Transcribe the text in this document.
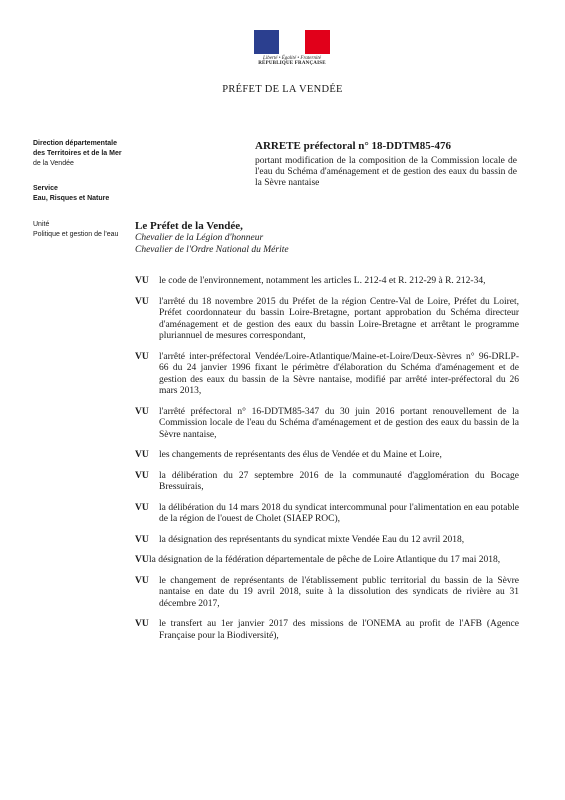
Liberté • Égalité • Fraternité
RÉPUBLIQUE FRANÇAISE
PRÉFET DE LA VENDÉE
Direction départementale
des Territoires et de la Mer
de la Vendée
Service
Eau, Risques et Nature
Unité
Politique et gestion de l'eau
ARRETE préfectoral n° 18-DDTM85-476
portant modification de la composition de la Commission locale de l'eau du Schéma d'aménagement et de gestion des eaux du bassin de la Sèvre nantaise
Le Préfet de la Vendée,
Chevalier de la Légion d'honneur
Chevalier de l'Ordre National du Mérite
VU le code de l'environnement, notamment les articles L. 212-4 et R. 212-29 à R. 212-34,
VU l'arrêté du 18 novembre 2015 du Préfet de la région Centre-Val de Loire, Préfet du Loiret, Préfet coordonnateur du bassin Loire-Bretagne, portant approbation du Schéma directeur d'aménagement et de gestion des eaux du bassin Loire-Bretagne et arrêtant le programme pluriannuel de mesures correspondant,
VU l'arrêté inter-préfectoral Vendée/Loire-Atlantique/Maine-et-Loire/Deux-Sèvres n° 96-DRLP-66 du 24 janvier 1996 fixant le périmètre d'élaboration du Schéma d'aménagement et de gestion des eaux du bassin de la Sèvre nantaise, modifié par arrêté inter-préfectoral du 26 mars 2013,
VU l'arrêté préfectoral n° 16-DDTM85-347 du 30 juin 2016 portant renouvellement de la Commission locale de l'eau du Schéma d'aménagement et de gestion des eaux du bassin de la Sèvre nantaise,
VU les changements de représentants des élus de Vendée et du Maine et Loire,
VU la délibération du 27 septembre 2016 de la communauté d'agglomération du Bocage Bressuirais,
VU la délibération du 14 mars 2018 du syndicat intercommunal pour l'alimentation en eau potable de la région de l'ouest de Cholet (SIAEP ROC),
VU la désignation des représentants du syndicat mixte Vendée Eau du 12 avril 2018,
VU la désignation de la fédération départementale de pêche de Loire Atlantique du 17 mai 2018,
VU le changement de représentants de l'établissement public territorial du bassin de la Sèvre nantaise en date du 19 avril 2018, suite à la dissolution des syndicats de rivière au 31 décembre 2017,
VU le transfert au 1er janvier 2017 des missions de l'ONEMA au profit de l'AFB (Agence Française pour la Biodiversité),
